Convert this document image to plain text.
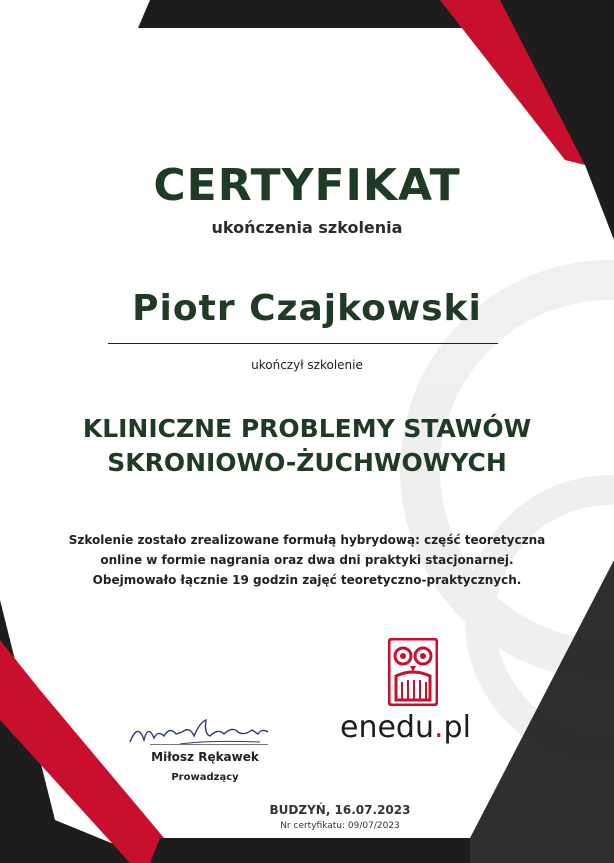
CERTYFIKAT
ukończenia szkolenia
Piotr Czajkowski
ukończył szkolenie
KLINICZNE PROBLEMY STAWÓW
SKRONIOWO-ŻUCHWOWYCH
Szkolenie zostało zrealizowane formułą hybrydową: część teoretyczna
online w formie nagrania oraz dwa dni praktyki stacjonarnej.
Obejmowało łącznie 19 godzin zajęć teoretyczno-praktycznych.
enedu.pl
Miłosz Rękawek
Prowadzący
BUDZYŃ, 16.07.2023
Nr certyfikatu: 09/07/2023
